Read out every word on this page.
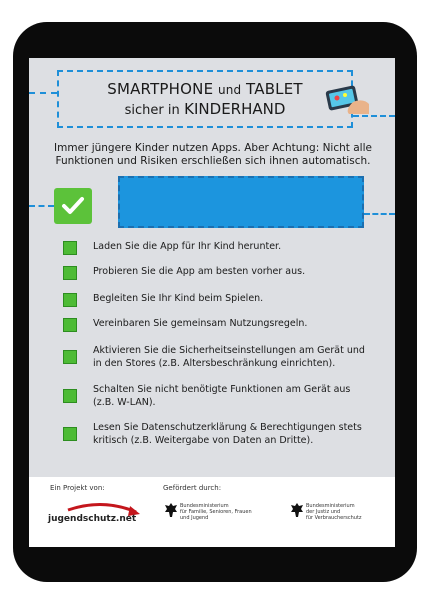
SMARTPHONE und TABLET
sicher in KINDERHAND
Immer jüngere Kinder nutzen Apps. Aber Achtung: Nicht alle
Funktionen und Risiken erschließen sich ihnen automatisch.
Laden Sie die App für Ihr Kind herunter.
Probieren Sie die App am besten vorher aus.
Begleiten Sie Ihr Kind beim Spielen.
Vereinbaren Sie gemeinsam Nutzungsregeln.
Aktivieren Sie die Sicherheitseinstellungen am Gerät und
in den Stores (z.B. Altersbeschränkung einrichten).
Schalten Sie nicht benötigte Funktionen am Gerät aus
(z.B. W-LAN).
Lesen Sie Datenschutzerklärung & Berechtigungen stets
kritisch (z.B. Weitergabe von Daten an Dritte).
Ein Projekt von:	Gefördert durch:
jugendschutz.net
Bundesministerium
für Familie, Senioren, Frauen
und Jugend
Bundesministerium
der Justiz und
für Verbraucherschutz
